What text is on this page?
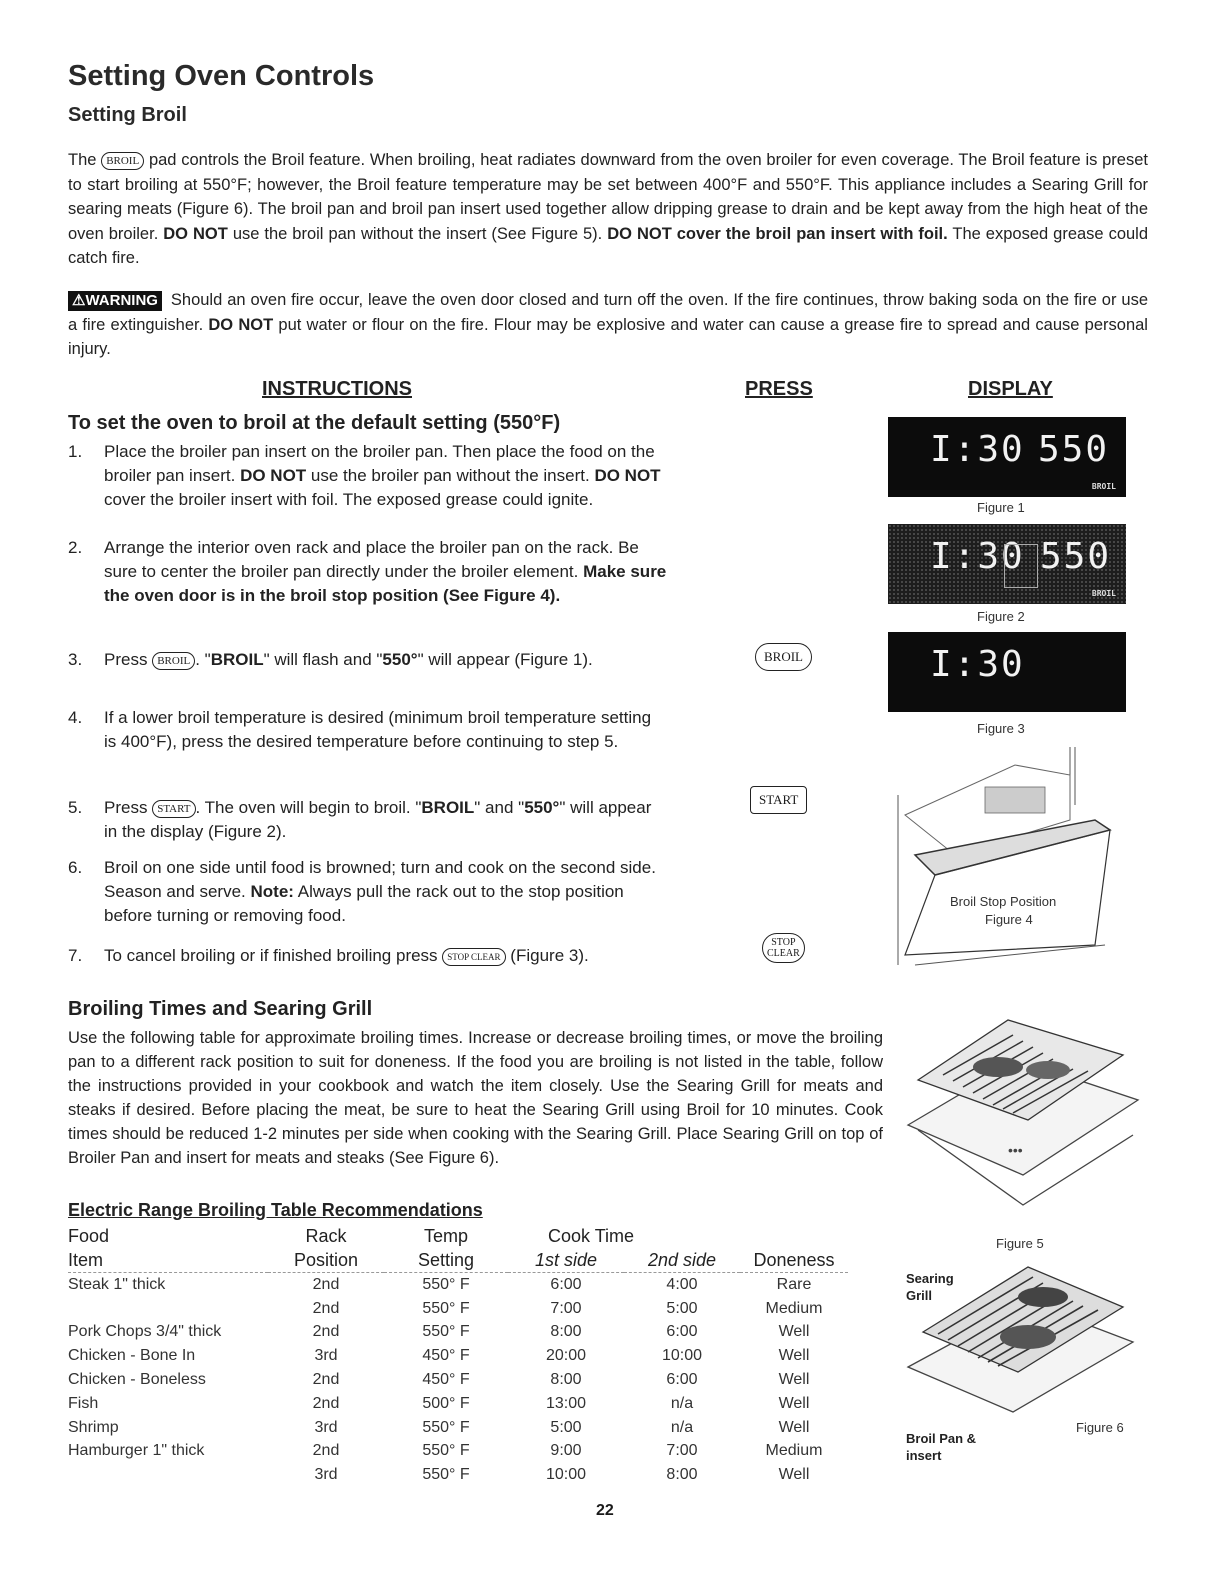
Setting Oven Controls
Setting Broil

The BROIL pad controls the Broil feature. When broiling, heat radiates downward from the oven broiler for even coverage. The Broil feature is preset to start broiling at 550°F; however, the Broil feature temperature may be set between 400°F and 550°F. This appliance includes a Searing Grill for searing meats (Figure 6). The broil pan and broil pan insert used together allow dripping grease to drain and be kept away from the high heat of the oven broiler. DO NOT use the broil pan without the insert (See Figure 5). DO NOT cover the broil pan insert with foil. The exposed grease could catch fire.

⚠WARNING Should an oven fire occur, leave the oven door closed and turn off the oven. If the fire continues, throw baking soda on the fire or use a fire extinguisher. DO NOT put water or flour on the fire. Flour may be explosive and water can cause a grease fire to spread and cause personal injury.

INSTRUCTIONS	PRESS	DISPLAY
To set the oven to broil at the default setting (550°F)
1. Place the broiler pan insert on the broiler pan. Then place the food on the broiler pan insert. DO NOT use the broiler pan without the insert. DO NOT cover the broiler insert with foil. The exposed grease could ignite.
2. Arrange the interior oven rack and place the broiler pan on the rack. Be sure to center the broiler pan directly under the broiler element. Make sure the oven door is in the broil stop position (See Figure 4).
3. Press BROIL . "BROIL" will flash and "550°" will appear (Figure 1).
4. If a lower broil temperature is desired (minimum broil temperature setting is 400°F), press the desired temperature before continuing to step 5.
5. Press START . The oven will begin to broil. "BROIL" and "550°" will appear in the display (Figure 2).
6. Broil on one side until food is browned; turn and cook on the second side. Season and serve. Note: Always pull the rack out to the stop position before turning or removing food.
7. To cancel broiling or if finished broiling press STOP CLEAR (Figure 3).
BROIL
START
STOP
CLEAR
I:30 550
BROIL
Figure 1
I:30 550
BROIL
Figure 2
I:30
Figure 3
Broil Stop Position
Figure 4
Broiling Times and Searing Grill

Use the following table for approximate broiling times. Increase or decrease broiling times, or move the broiling pan to a different rack position to suit for doneness. If the food you are broiling is not listed in the table, follow the instructions provided in your cookbook and watch the item closely. Use the Searing Grill for meats and steaks if desired. Before placing the meat, be sure to heat the Searing Grill using Broil for 10 minutes. Cook times should be reduced 1-2 minutes per side when cooking with the Searing Grill. Place Searing Grill on top of Broiler Pan and insert for meats and steaks (See Figure 6).

Electric Range Broiling Table Recommendations
Food	Rack	Temp	Cook Time		
Item	Position	Setting	1st side	2nd side	Doneness

Steak 1" thick	2nd	550° F	6:00	4:00	Rare
	2nd	550° F	7:00	5:00	Medium
Pork Chops 3/4" thick	2nd	550° F	8:00	6:00	Well
Chicken - Bone In	3rd	450° F	20:00	10:00	Well
Chicken - Boneless	2nd	450° F	8:00	6:00	Well
Fish	2nd	500° F	13:00	n/a	Well
Shrimp	3rd	550° F	5:00	n/a	Well
Hamburger 1" thick	2nd	550° F	9:00	7:00	Medium
	3rd	550° F	10:00	8:00	Well
•••
Figure 5
Searing Grill
Broil Pan & insert
Figure 6
22
